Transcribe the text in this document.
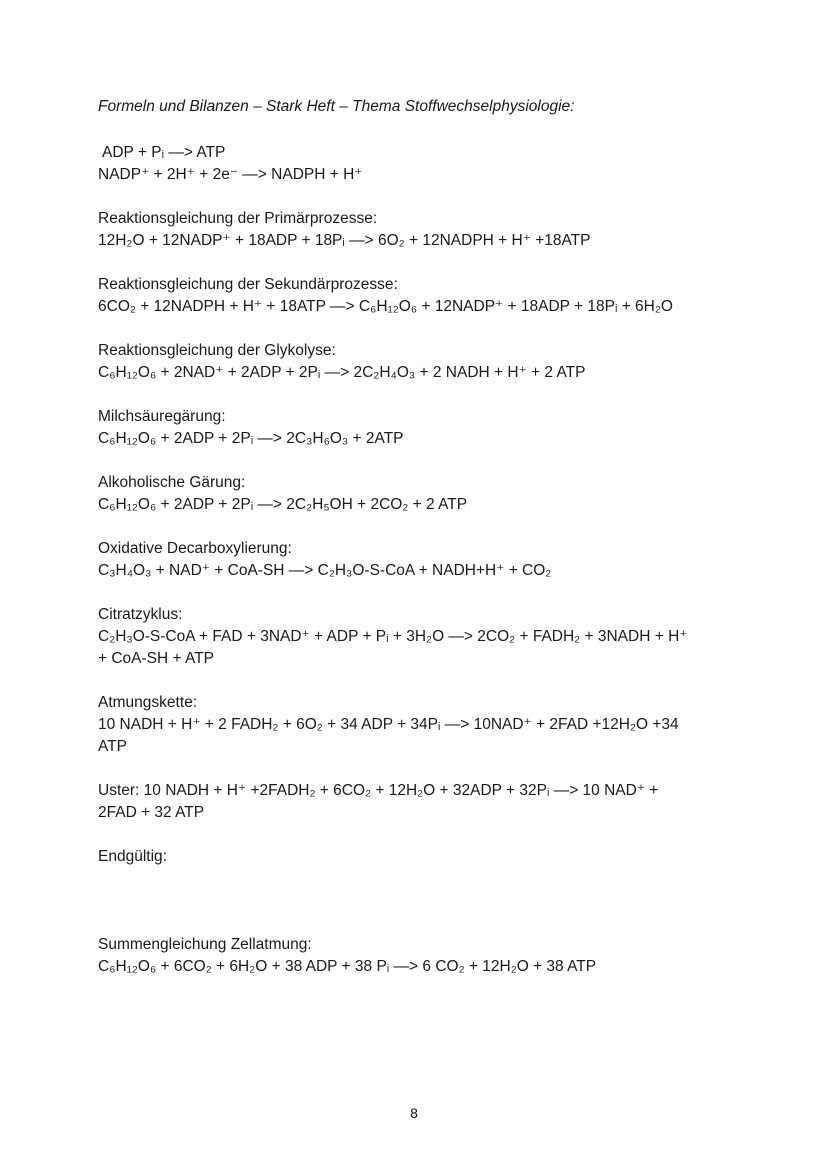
Formeln und Bilanzen – Stark Heft – Thema Stoffwechselphysiologie:

ADP + Pᵢ —> ATP
NADP⁺ + 2H⁺ + 2e⁻ —> NADPH + H⁺
Reaktionsgleichung der Primärprozesse:
12H₂O + 12NADP⁺ + 18ADP + 18Pᵢ —> 6O₂ + 12NADPH + H⁺ +18ATP
Reaktionsgleichung der Sekundärprozesse:
6CO₂ + 12NADPH + H⁺ + 18ATP —> C₆H₁₂O₆ + 12NADP⁺ + 18ADP + 18Pᵢ + 6H₂O
Reaktionsgleichung der Glykolyse:
C₆H₁₂O₆ + 2NAD⁺ + 2ADP + 2Pᵢ —> 2C₂H₄O₃ + 2 NADH + H⁺ + 2 ATP
Milchsäuregärung:
C₆H₁₂O₆ + 2ADP + 2Pᵢ —> 2C₃H₆O₃ + 2ATP
Alkoholische Gärung:
C₆H₁₂O₆ + 2ADP + 2Pᵢ —> 2C₂H₅OH + 2CO₂ + 2 ATP
Oxidative Decarboxylierung:
C₃H₄O₃ + NAD⁺ + CoA-SH —> C₂H₃O-S-CoA + NADH+H⁺ + CO₂
Citratzyklus:
C₂H₃O-S-CoA + FAD + 3NAD⁺ + ADP + Pᵢ + 3H₂O —> 2CO₂ + FADH₂ + 3NADH + H⁺
+ CoA-SH + ATP
Atmungskette:
10 NADH + H⁺ + 2 FADH₂ + 6O₂ + 34 ADP + 34Pᵢ —> 10NAD⁺ + 2FAD +12H₂O +34
ATP
Uster: 10 NADH + H⁺ +2FADH₂ + 6CO₂ + 12H₂O + 32ADP + 32Pᵢ —> 10 NAD⁺ +
2FAD + 32 ATP
Endgültig:
Summengleichung Zellatmung:
C₆H₁₂O₆ + 6CO₂ + 6H₂O + 38 ADP + 38 Pᵢ —> 6 CO₂ + 12H₂O + 38 ATP
8
